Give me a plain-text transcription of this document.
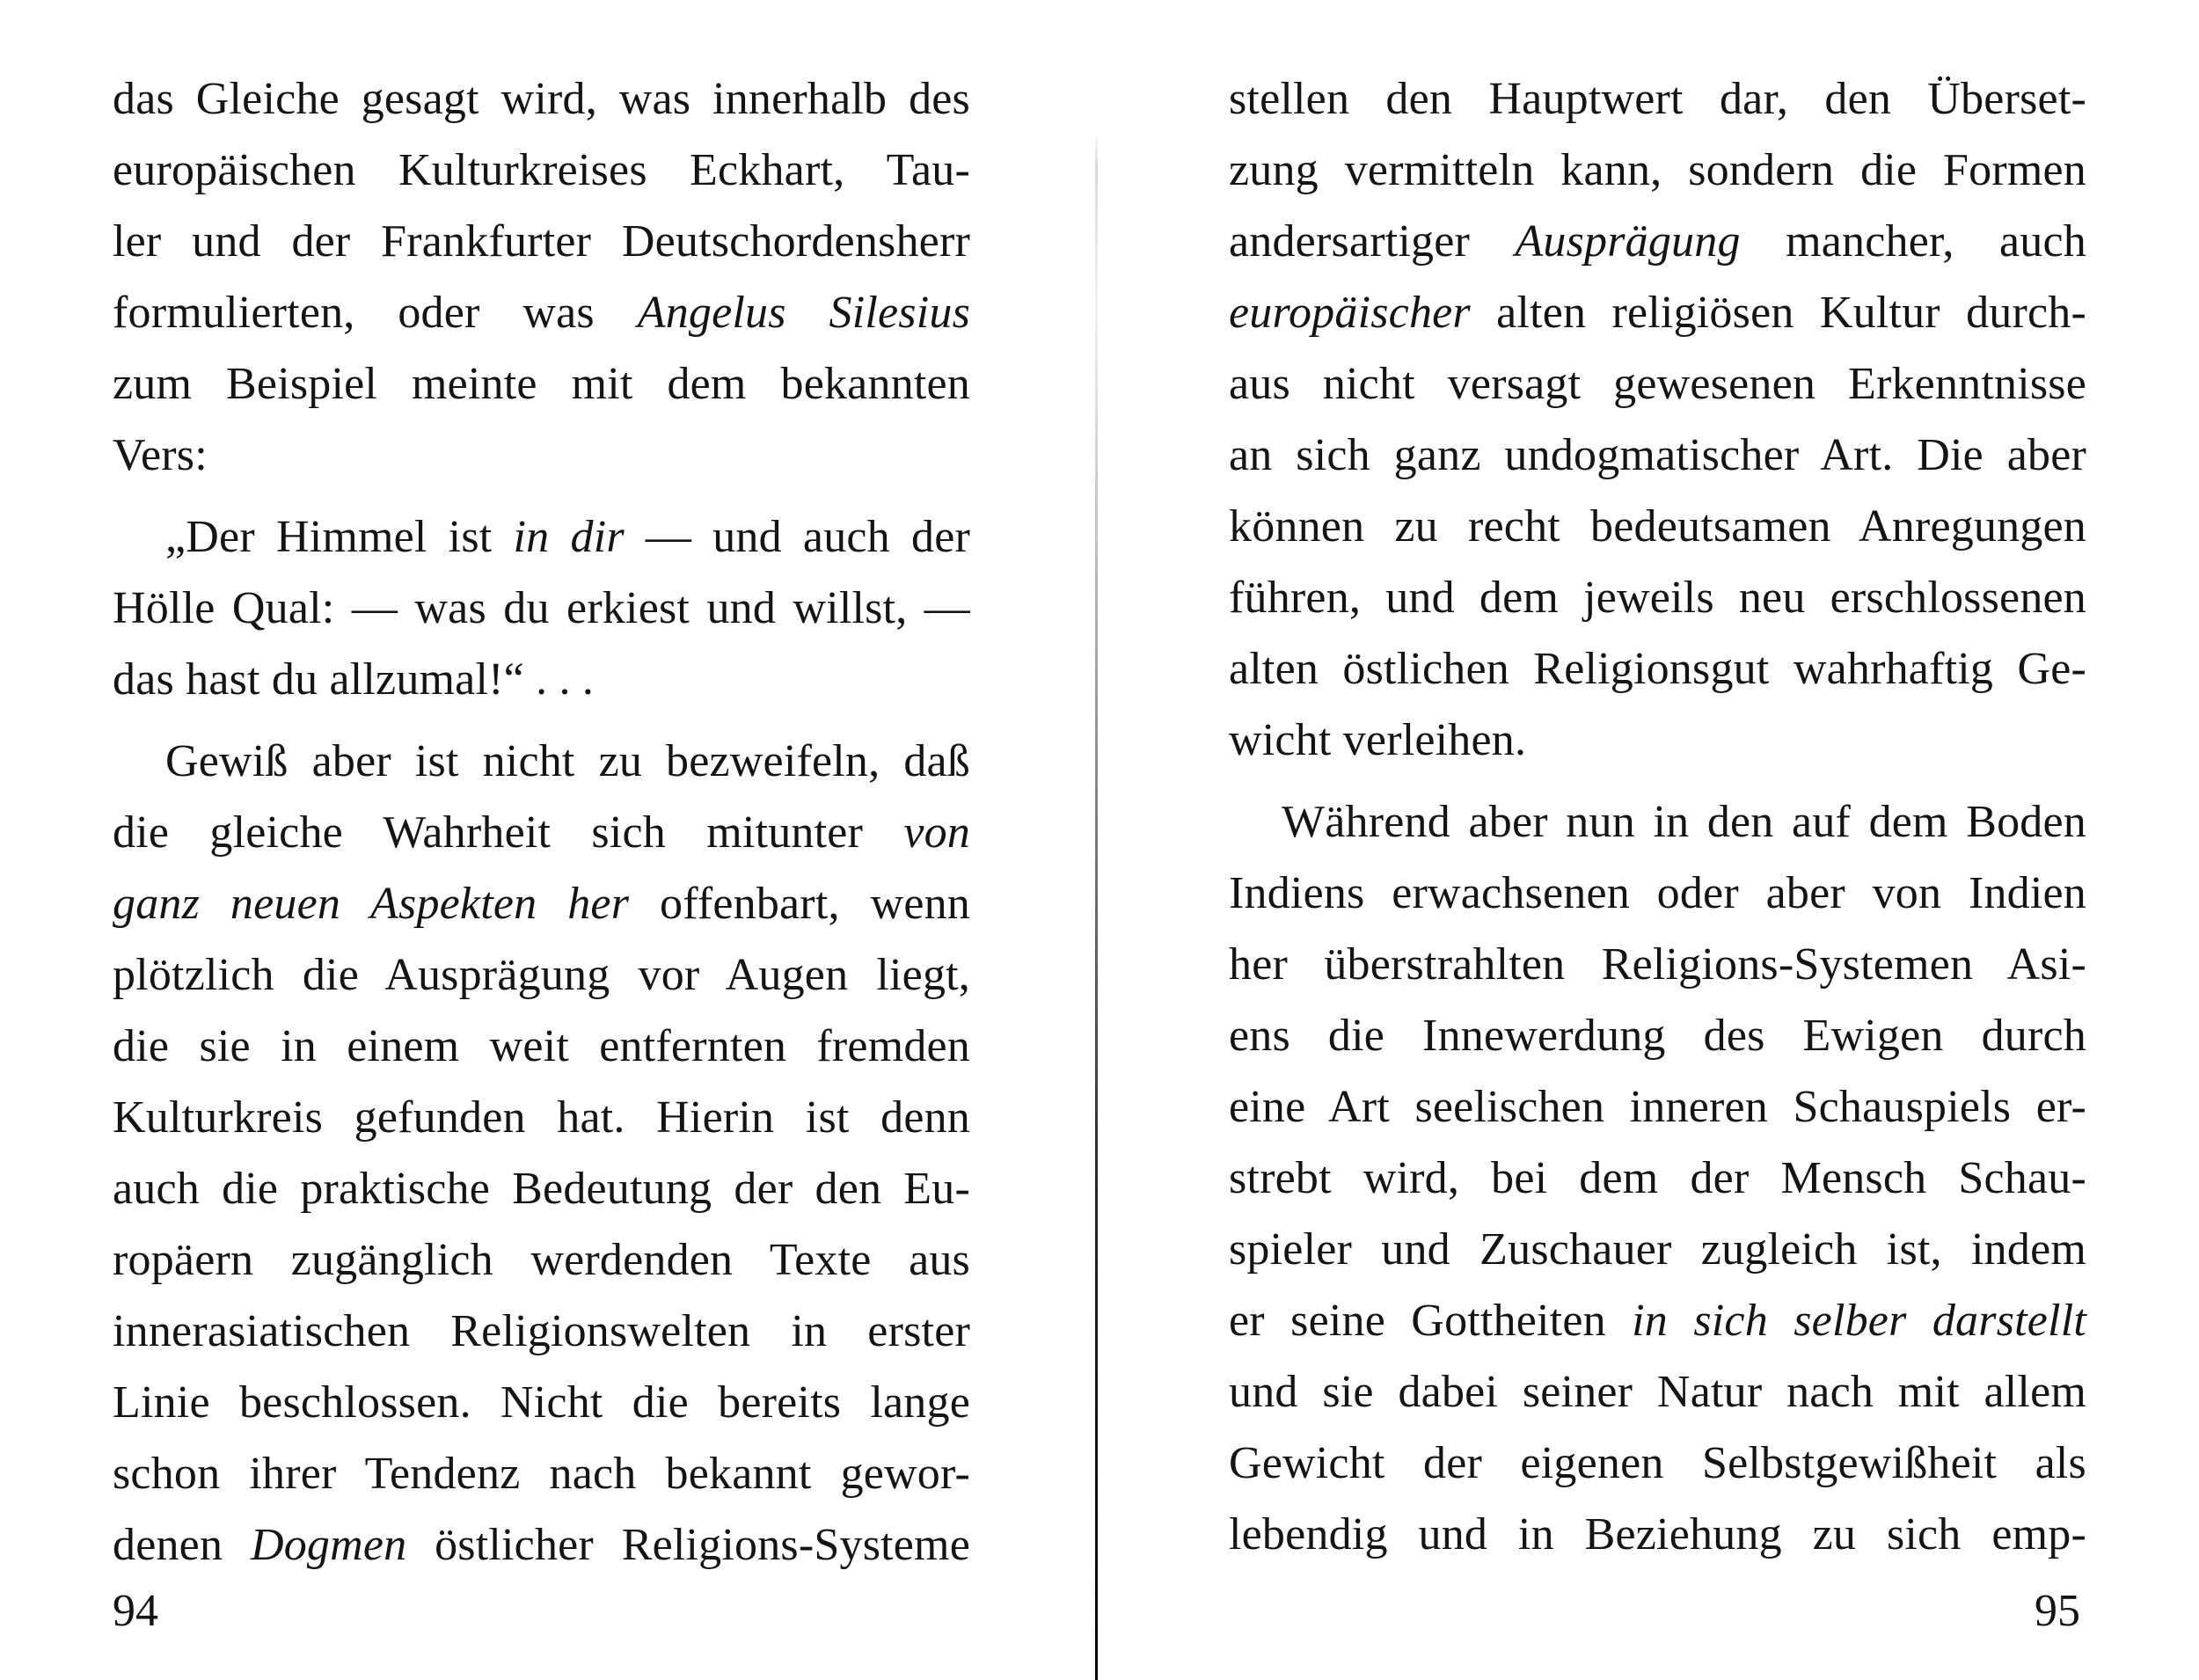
das Gleiche gesagt wird, was innerhalb des
europäischen Kulturkreises Eckhart, Tau-
ler und der Frankfurter Deutschordensherr
formulierten, oder was Angelus Silesius
zum Beispiel meinte mit dem bekannten
Vers:
„Der Himmel ist in dir — und auch der
Hölle Qual: — was du erkiest und willst, —
das hast du allzumal!“ . . .
Gewiß aber ist nicht zu bezweifeln, daß
die gleiche Wahrheit sich mitunter von
ganz neuen Aspekten her offenbart, wenn
plötzlich die Ausprägung vor Augen liegt,
die sie in einem weit entfernten fremden
Kulturkreis gefunden hat. Hierin ist denn
auch die praktische Bedeutung der den Eu-
ropäern zugänglich werdenden Texte aus
innerasiatischen Religionswelten in erster
Linie beschlossen. Nicht die bereits lange
schon ihrer Tendenz nach bekannt gewor-
denen Dogmen östlicher Religions-Systeme
94
stellen den Hauptwert dar, den Überset-
zung vermitteln kann, sondern die Formen
andersartiger Ausprägung mancher, auch
europäischer alten religiösen Kultur durch-
aus nicht versagt gewesenen Erkenntnisse
an sich ganz undogmatischer Art. Die aber
können zu recht bedeutsamen Anregungen
führen, und dem jeweils neu erschlossenen
alten östlichen Religionsgut wahrhaftig Ge-
wicht verleihen.
Während aber nun in den auf dem Boden
Indiens erwachsenen oder aber von Indien
her überstrahlten Religions-Systemen Asi-
ens die Innewerdung des Ewigen durch
eine Art seelischen inneren Schauspiels er-
strebt wird, bei dem der Mensch Schau-
spieler und Zuschauer zugleich ist, indem
er seine Gottheiten in sich selber darstellt
und sie dabei seiner Natur nach mit allem
Gewicht der eigenen Selbstgewißheit als
lebendig und in Beziehung zu sich emp-
95
